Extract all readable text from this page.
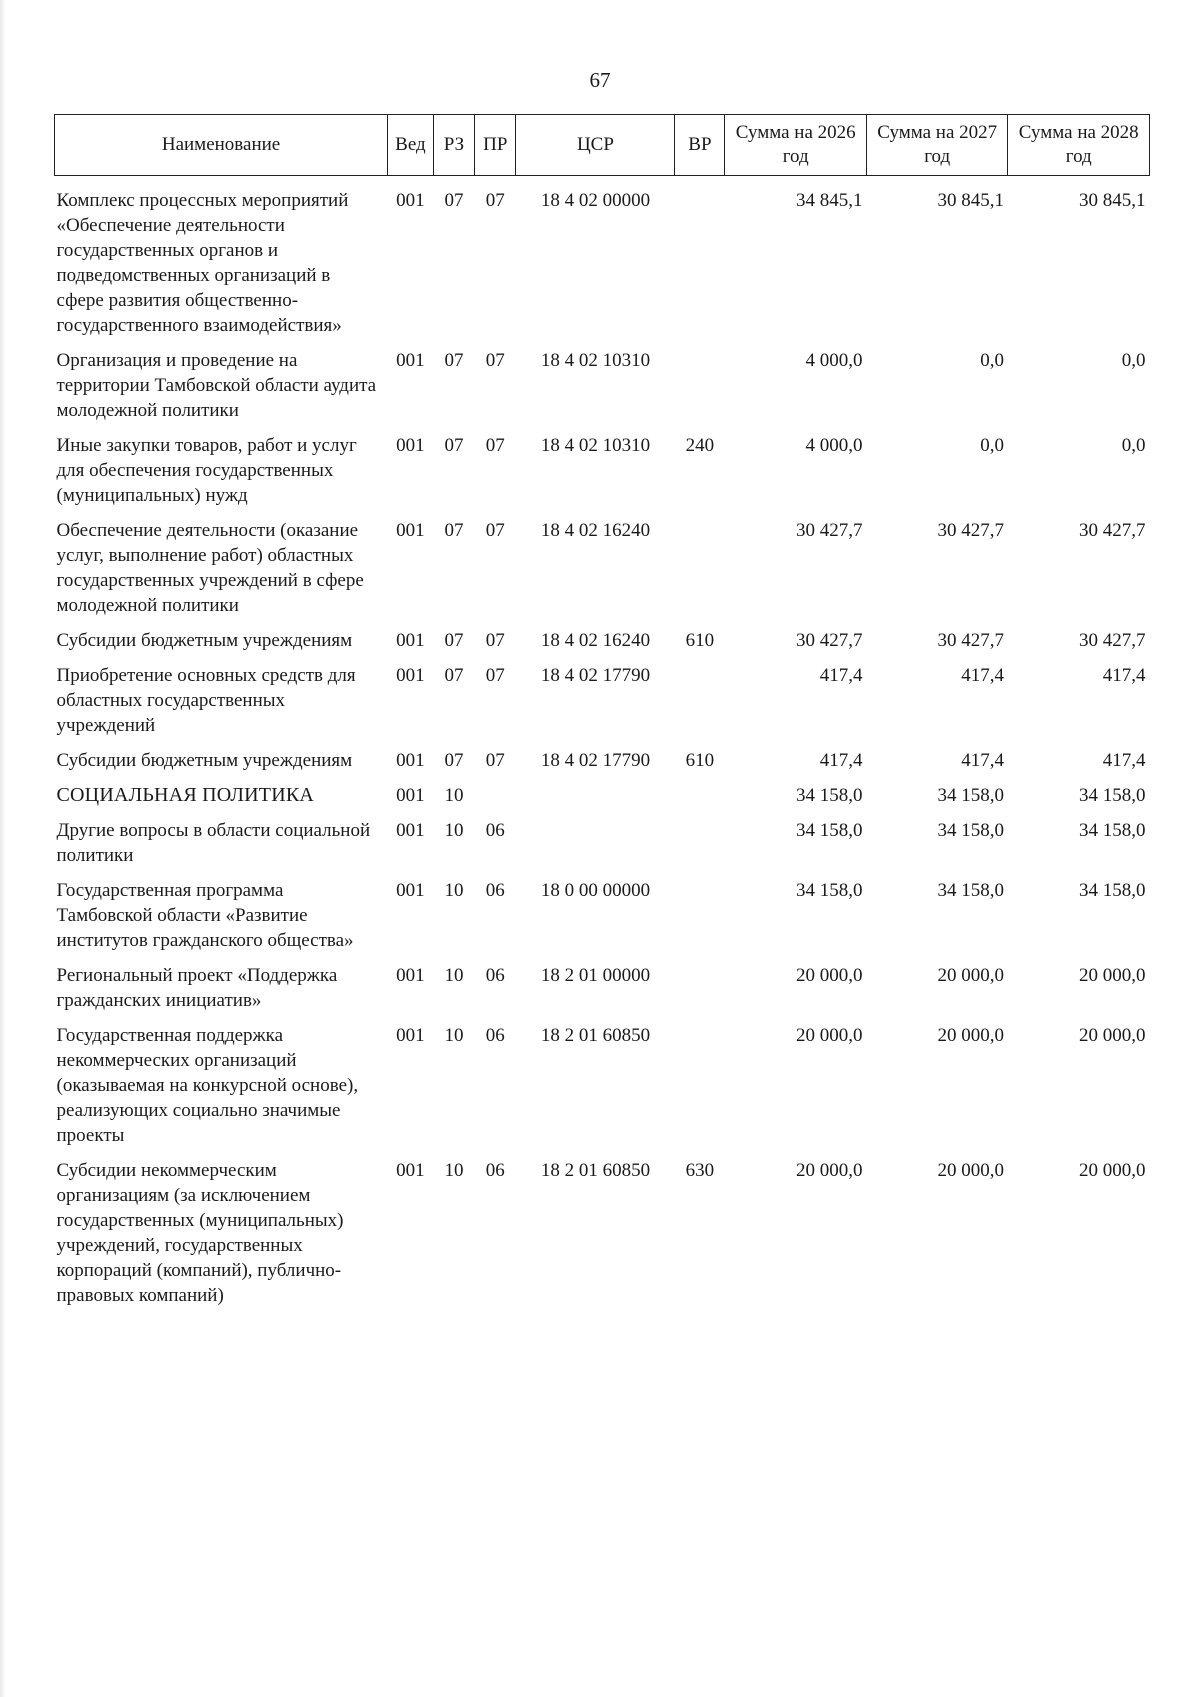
67
Наименование	Вед	РЗ	ПР	ЦСР	ВР	Сумма на 2026 год	Сумма на 2027 год	Сумма на 2028 год
Комплекс процессных мероприятий «Обеспечение деятельности государственных органов и подведомственных организаций в сфере развития общественно-государственного взаимодействия»	001	07	07	18 4 02 00000		34 845,1	30 845,1	30 845,1
Организация и проведение на территории Тамбовской области аудита молодежной политики	001	07	07	18 4 02 10310		4 000,0	0,0	0,0
Иные закупки товаров, работ и услуг для обеспечения государственных (муниципальных) нужд	001	07	07	18 4 02 10310	240	4 000,0	0,0	0,0
Обеспечение деятельности (оказание услуг, выполнение работ) областных государственных учреждений в сфере молодежной политики	001	07	07	18 4 02 16240		30 427,7	30 427,7	30 427,7
Субсидии бюджетным учреждениям	001	07	07	18 4 02 16240	610	30 427,7	30 427,7	30 427,7
Приобретение основных средств для областных государственных учреждений	001	07	07	18 4 02 17790		417,4	417,4	417,4
Субсидии бюджетным учреждениям	001	07	07	18 4 02 17790	610	417,4	417,4	417,4
СОЦИАЛЬНАЯ ПОЛИТИКА	001	10				34 158,0	34 158,0	34 158,0
Другие вопросы в области социальной политики	001	10	06			34 158,0	34 158,0	34 158,0
Государственная программа Тамбовской области «Развитие институтов гражданского общества»	001	10	06	18 0 00 00000		34 158,0	34 158,0	34 158,0
Региональный проект «Поддержка гражданских инициатив»	001	10	06	18 2 01 00000		20 000,0	20 000,0	20 000,0
Государственная поддержка некоммерческих организаций (оказываемая на конкурсной основе), реализующих социально значимые проекты	001	10	06	18 2 01 60850		20 000,0	20 000,0	20 000,0
Субсидии некоммерческим организациям (за исключением государственных (муниципальных) учреждений, государственных корпораций (компаний), публично-правовых компаний)	001	10	06	18 2 01 60850	630	20 000,0	20 000,0	20 000,0
